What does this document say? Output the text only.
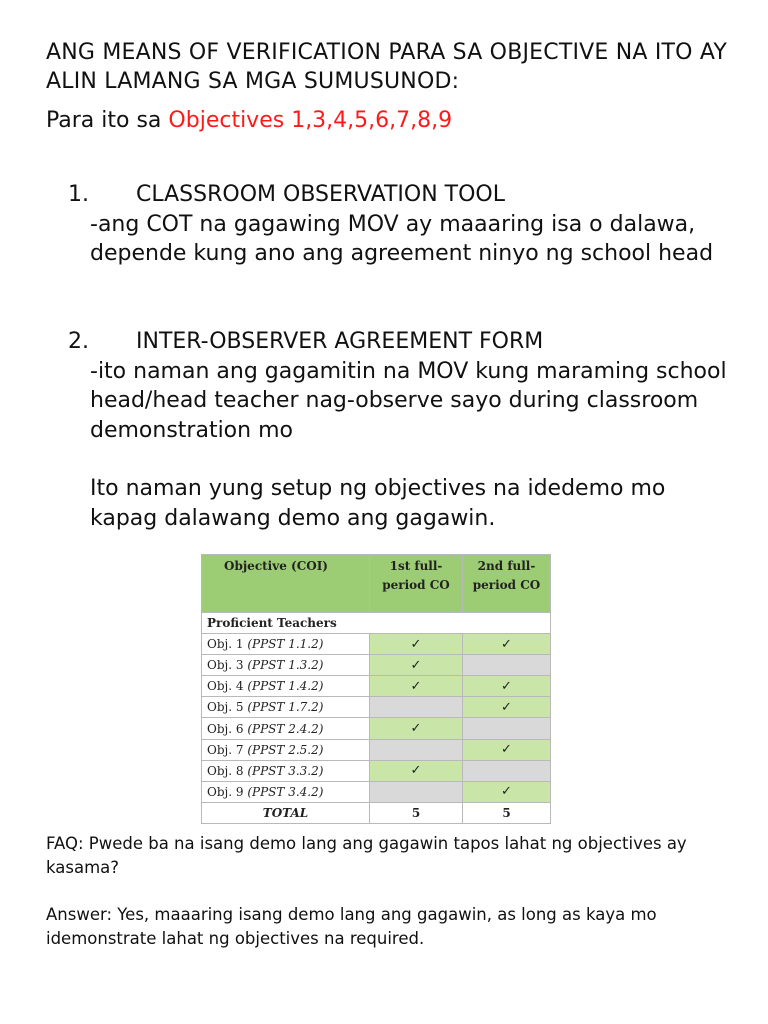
ANG MEANS OF VERIFICATION PARA SA OBJECTIVE NA ITO AY ALIN LAMANG SA MGA SUMUSUNOD:
Para ito sa Objectives 1,3,4,5,6,7,8,9
1. CLASSROOM OBSERVATION TOOL
-ang COT na gagawing MOV ay maaaring isa o dalawa, depende kung ano ang agreement ninyo ng school head
2. INTER-OBSERVER AGREEMENT FORM
-ito naman ang gagamitin na MOV kung maraming school head/head teacher nag-observe sayo during classroom demonstration mo
Ito naman yung setup ng objectives na idedemo mo kapag dalawang demo ang gagawin.
Objective (COI)	1st full-period CO	2nd full-period CO
Proficient Teachers		
Obj. 1 (PPST 1.1.2)	✓	✓
Obj. 3 (PPST 1.3.2)	✓	
Obj. 4 (PPST 1.4.2)	✓	✓
Obj. 5 (PPST 1.7.2)		✓
Obj. 6 (PPST 2.4.2)	✓	
Obj. 7 (PPST 2.5.2)		✓
Obj. 8 (PPST 3.3.2)	✓	
Obj. 9 (PPST 3.4.2)		✓
TOTAL	5	5
FAQ: Pwede ba na isang demo lang ang gagawin tapos lahat ng objectives ay kasama?
Answer: Yes, maaaring isang demo lang ang gagawin, as long as kaya mo idemonstrate lahat ng objectives na required.
